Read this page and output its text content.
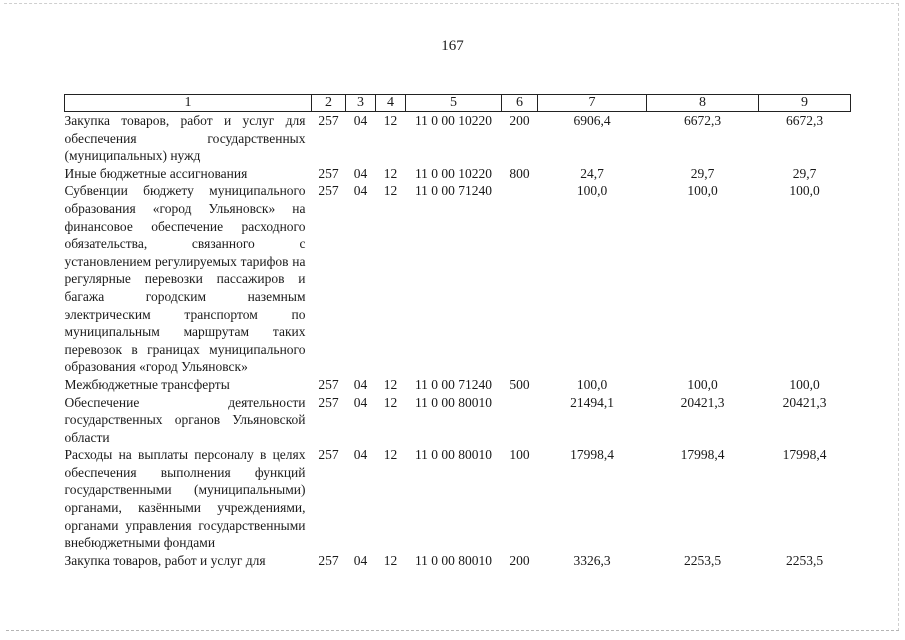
167
1	2	3	4	5	6	7	8	9
Закупка товаров, работ и услуг для обеспечения государственных (муниципальных) нужд	257	04	12	11 0 00 10220	200	6906,4	6672,3	6672,3
Иные бюджетные ассигнования	257	04	12	11 0 00 10220	800	24,7	29,7	29,7
Субвенции бюджету муниципального образования «город Ульяновск» на финансовое обеспечение расходного обязательства, связанного с установлением регулируемых тарифов на регулярные перевозки пассажиров и багажа городским наземным электрическим транспортом по муниципальным маршрутам таких перевозок в границах муниципального образования «город Ульяновск»	257	04	12	11 0 00 71240		100,0	100,0	100,0
Межбюджетные трансферты	257	04	12	11 0 00 71240	500	100,0	100,0	100,0
Обеспечение деятельности государственных органов Ульяновской области	257	04	12	11 0 00 80010		21494,1	20421,3	20421,3
Расходы на выплаты персоналу в целях обеспечения выполнения функций государственными (муниципальными) органами, казёнными учреждениями, органами управления государственными внебюджетными фондами	257	04	12	11 0 00 80010	100	17998,4	17998,4	17998,4
Закупка товаров, работ и услуг для	257	04	12	11 0 00 80010	200	3326,3	2253,5	2253,5
